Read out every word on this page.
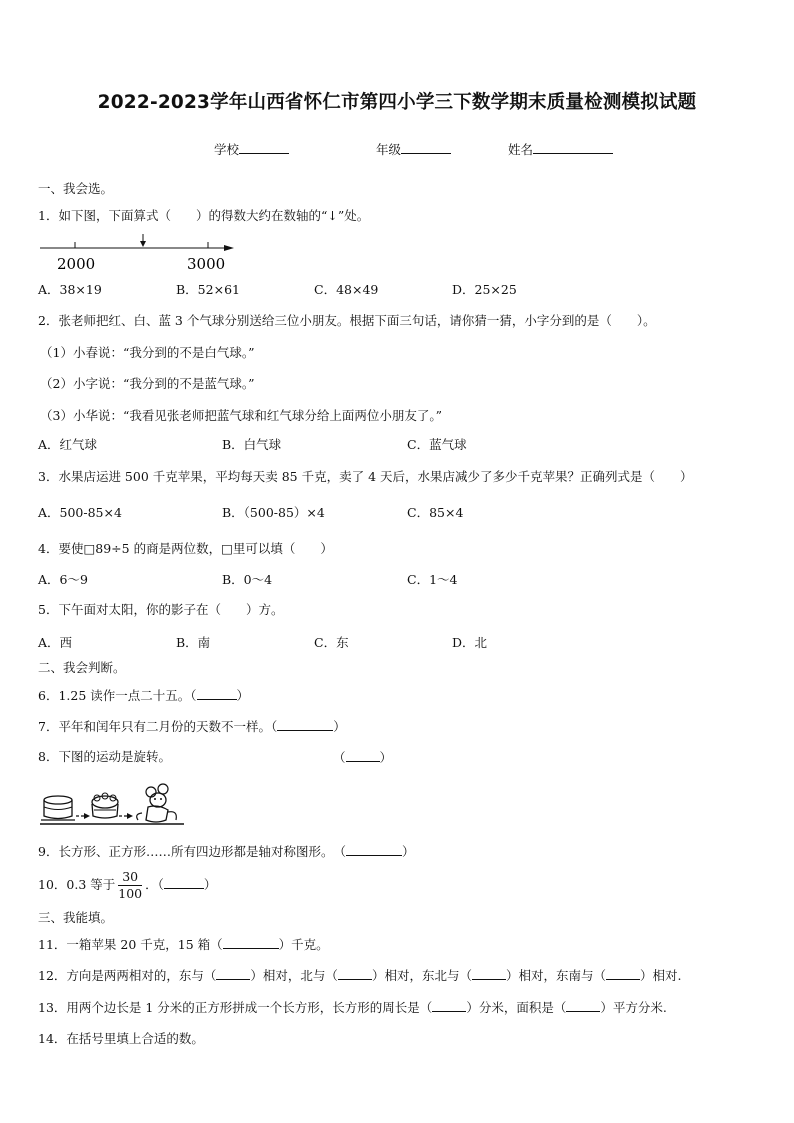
2022-2023学年山西省怀仁市第四小学三下数学期末质量检测模拟试题
学校	年级	姓名
一、我会选。
1．如下图，下面算式（　　）的得数大约在数轴的“↓”处。
2000	3000
A．38×19	B．52×61	C．48×49	D．25×25
2．张老师把红、白、蓝 3 个气球分别送给三位小朋友。根据下面三句话，请你猜一猜，小字分到的是（　　）。
（1）小春说：“我分到的不是白气球。”
（2）小字说：“我分到的不是蓝气球。”
（3）小华说：“我看见张老师把蓝气球和红气球分给上面两位小朋友了。”
A．红气球	B．白气球	C．蓝气球
3．水果店运进 500 千克苹果，平均每天卖 85 千克，卖了 4 天后，水果店减少了多少千克苹果？正确列式是（　　）
A．500-85×4	B．（500-85）×4	C．85×4
4．要使□89÷5 的商是两位数，□里可以填（　　）
A．6～9	B．0～4	C．1～4
5．下午面对太阳，你的影子在（　　）方。
A．西	B．南	C．东	D．北
二、我会判断。
6．1.25 读作一点二十五。（	）
7．平年和闰年只有二月份的天数不一样。（	）
8．下图的运动是旋转。	（	）
9．长方形、正方形……所有四边形都是轴对称图形。　（	）
10．0.3 等于 $\frac{30}{100}$ ．（	）
三、我能填。
11．一箱苹果 20 千克，15 箱（	）千克。
12．方向是两两相对的，东与（	）相对，北与（	）相对，东北与（	）相对，东南与（	）相对.
13．用两个边长是 1 分米的正方形拼成一个长方形，长方形的周长是（	）分米，面积是（	）平方分米.
14．在括号里填上合适的数。
